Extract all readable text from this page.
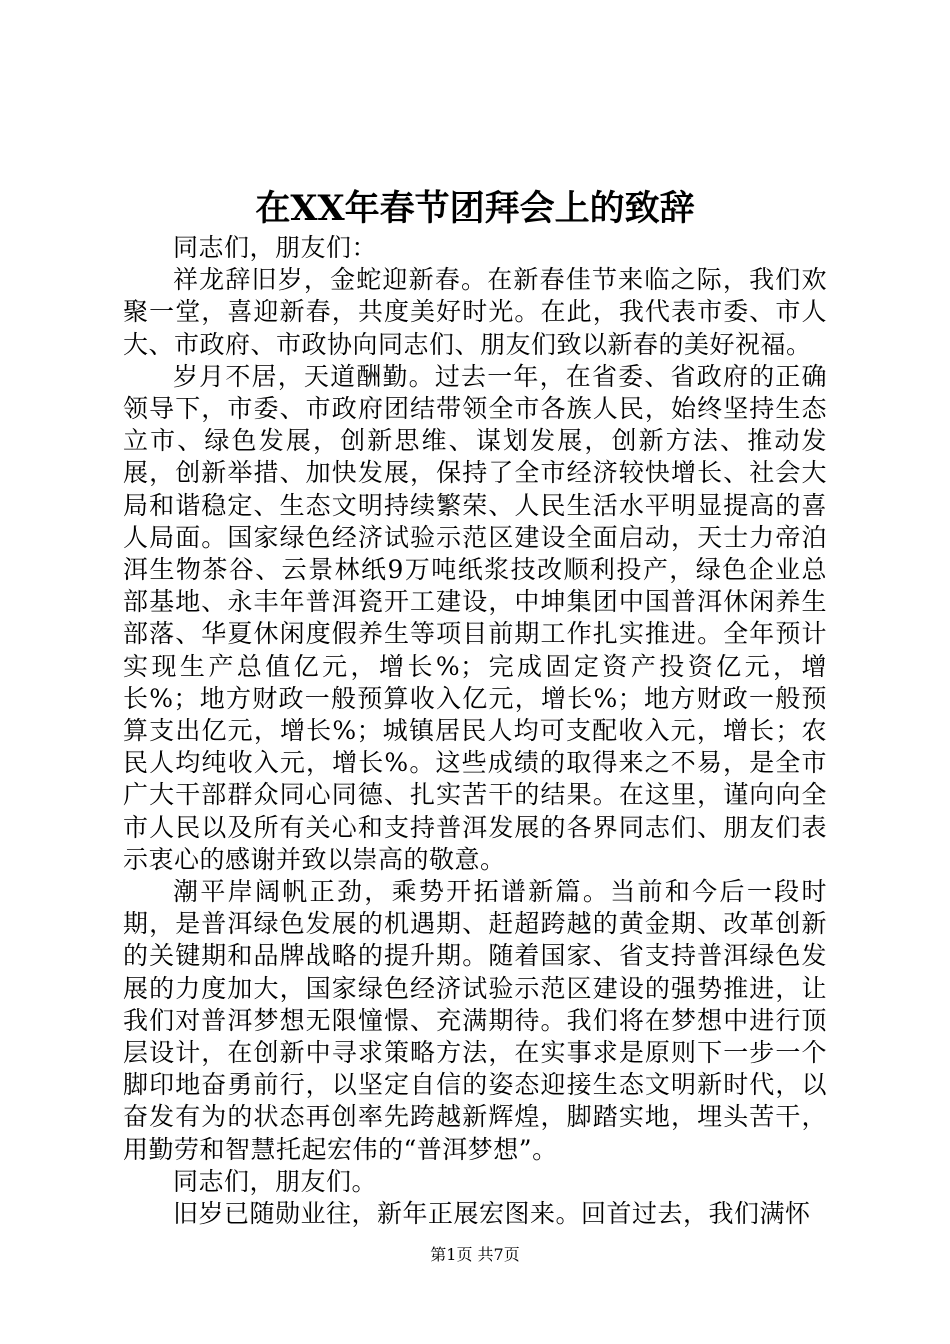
在XX年春节团拜会上的致辞

同志们，朋友们：

祥龙辞旧岁，金蛇迎新春。在新春佳节来临之际，我们欢聚一堂，喜迎新春，共度美好时光。在此，我代表市委、市人大、市政府、市政协向同志们、朋友们致以新春的美好祝福。

岁月不居，天道酬勤。过去一年，在省委、省政府的正确领导下，市委、市政府团结带领全市各族人民，始终坚持生态立市、绿色发展，创新思维、谋划发展，创新方法、推动发展，创新举措、加快发展，保持了全市经济较快增长、社会大局和谐稳定、生态文明持续繁荣、人民生活水平明显提高的喜人局面。国家绿色经济试验示范区建设全面启动，天士力帝泊洱生物茶谷、云景林纸9万吨纸浆技改顺利投产，绿色企业总部基地、永丰年普洱瓷开工建设，中坤集团中国普洱休闲养生部落、华夏休闲度假养生等项目前期工作扎实推进。全年预计实现生产总值亿元，增长%；完成固定资产投资亿元，增长%；地方财政一般预算收入亿元，增长%；地方财政一般预算支出亿元，增长%；城镇居民人均可支配收入元，增长；农民人均纯收入元，增长%。这些成绩的取得来之不易，是全市广大干部群众同心同德、扎实苦干的结果。在这里，谨向向全市人民以及所有关心和支持普洱发展的各界同志们、朋友们表示衷心的感谢并致以崇高的敬意。

潮平岸阔帆正劲，乘势开拓谱新篇。当前和今后一段时期，是普洱绿色发展的机遇期、赶超跨越的黄金期、改革创新的关键期和品牌战略的提升期。随着国家、省支持普洱绿色发展的力度加大，国家绿色经济试验示范区建设的强势推进，让我们对普洱梦想无限憧憬、充满期待。我们将在梦想中进行顶层设计，在创新中寻求策略方法，在实事求是原则下一步一个脚印地奋勇前行，以坚定自信的姿态迎接生态文明新时代，以奋发有为的状态再创率先跨越新辉煌，脚踏实地，埋头苦干，用勤劳和智慧托起宏伟的“普洱梦想”。

同志们，朋友们。

旧岁已随勋业往，新年正展宏图来。回首过去，我们满怀

第1页 共7页
